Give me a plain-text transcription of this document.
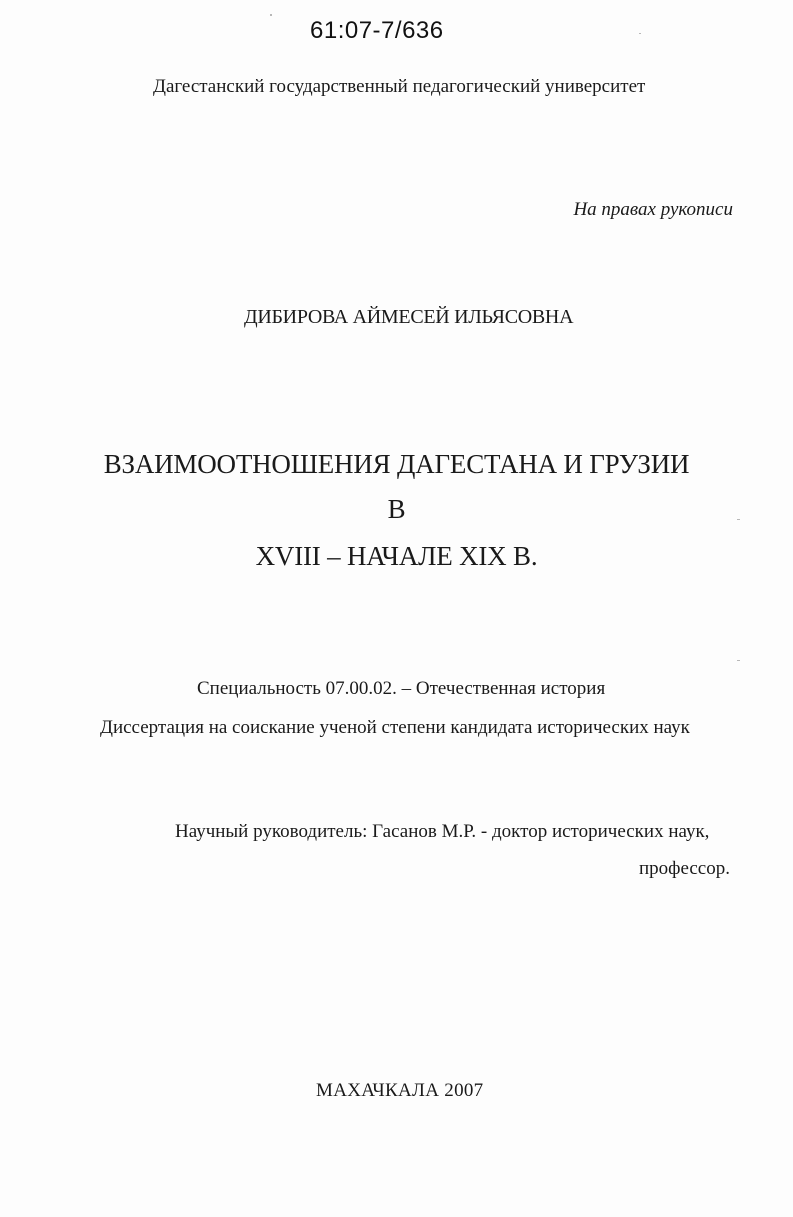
61:07-7/636
Дагестанский государственный педагогический университет
На правах рукописи
ДИБИРОВА АЙМЕСЕЙ ИЛЬЯСОВНА
ВЗАИМООТНОШЕНИЯ ДАГЕСТАНА И ГРУЗИИ
В
XVIII – НАЧАЛЕ XIX В.
Специальность 07.00.02. – Отечественная история
Диссертация на соискание ученой степени кандидата исторических наук
Научный руководитель: Гасанов М.Р. - доктор исторических наук,
профессор.
МАХАЧКАЛА 2007
